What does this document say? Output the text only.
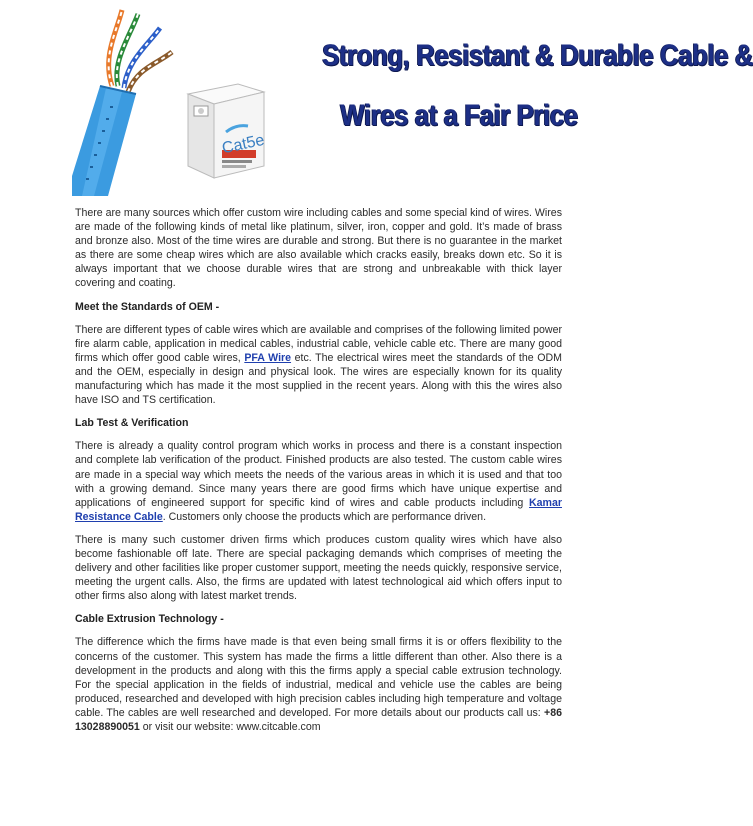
Cat5e
Strong, Resistant & Durable Cable &
Wires at a Fair Price

There are many sources which offer custom wire including cables and some special kind of wires. Wires are made of the following kinds of metal like platinum, silver, iron, copper and gold. It’s made of brass and bronze also. Most of the time wires are durable and strong. But there is no guarantee in the market as there are some cheap wires which are also available which cracks easily, breaks down etc. So it is always important that we choose durable wires that are strong and unbreakable with thick layer covering and coating.

Meet the Standards of OEM -

There are different types of cable wires which are available and comprises of the following limited power fire alarm cable, application in medical cables, industrial cable, vehicle cable etc. There are many good firms which offer good cable wires, PFA Wire etc. The electrical wires meet the standards of the ODM and the OEM, especially in design and physical look. The wires are especially known for its quality manufacturing which has made it the most supplied in the recent years. Along with this the wires also have ISO and TS certification.

Lab Test & Verification

There is already a quality control program which works in process and there is a constant inspection and complete lab verification of the product. Finished products are also tested. The custom cable wires are made in a special way which meets the needs of the various areas in which it is used and that too with a growing demand. Since many years there are good firms which have unique expertise and applications of engineered support for specific kind of wires and cable products including Kamar Resistance Cable. Customers only choose the products which are performance driven.

There is many such customer driven firms which produces custom quality wires which have also become fashionable off late. There are special packaging demands which comprises of meeting the delivery and other facilities like proper customer support, meeting the needs quickly, responsive service, meeting the urgent calls. Also, the firms are updated with latest technological aid which offers input to other firms also along with latest market trends.

Cable Extrusion Technology -

The difference which the firms have made is that even being small firms it is or offers flexibility to the concerns of the customer. This system has made the firms a little different than other. Also there is a development in the products and along with this the firms apply a special cable extrusion technology. For the special application in the fields of industrial, medical and vehicle use the cables are being produced, researched and developed with high precision cables including high temperature and voltage cable. The cables are well researched and developed. For more details about our products call us: +86 13028890051 or visit our website: www.citcable.com
